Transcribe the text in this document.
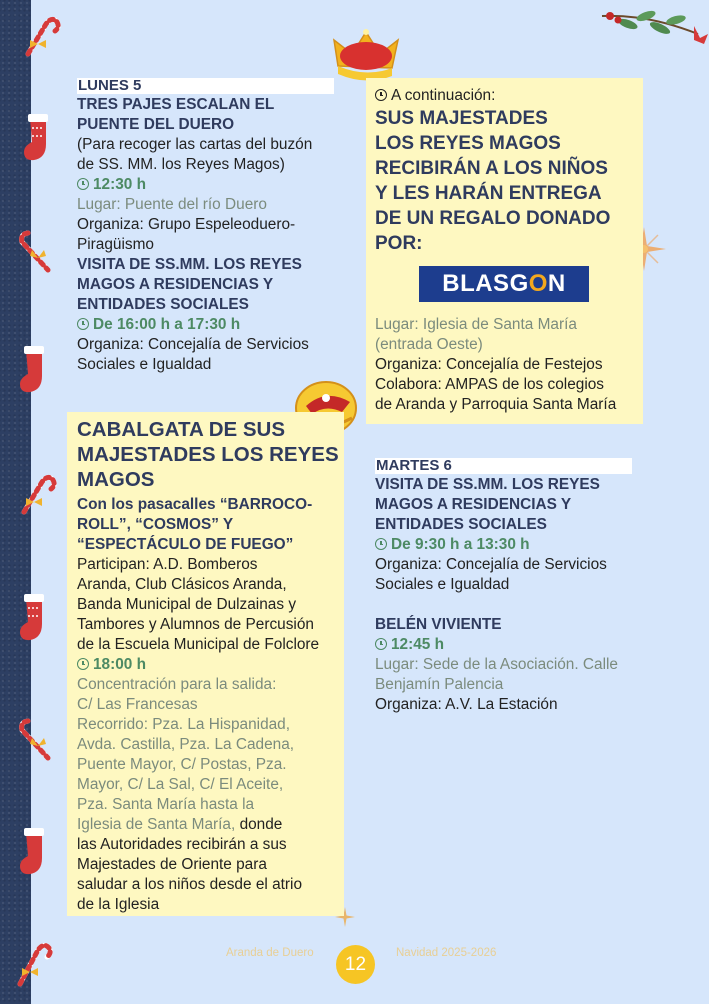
LUNES 5
TRES PAJES ESCALAN EL
PUENTE DEL DUERO
(Para recoger las cartas del buzón
de SS. MM. los Reyes Magos)
12:30 h
Lugar: Puente del río Duero
Organiza: Grupo Espeleoduero-
Piragüismo
VISITA DE SS.MM. LOS REYES
MAGOS A RESIDENCIAS Y
ENTIDADES SOCIALES
De 16:00 h a 17:30 h
Organiza: Concejalía de Servicios
Sociales e Igualdad
CABALGATA DE SUS
MAJESTADES LOS REYES
MAGOS
Con los pasacalles “BARROCO-
ROLL”, “COSMOS” Y
“ESPECTÁCULO DE FUEGO”
Participan: A.D. Bomberos
Aranda, Club Clásicos Aranda,
Banda Municipal de Dulzainas y
Tambores y Alumnos de Percusión
de la Escuela Municipal de Folclore
18:00 h
Concentración para la salida:
C/ Las Francesas
Recorrido: Pza. La Hispanidad,
Avda. Castilla, Pza. La Cadena,
Puente Mayor, C/ Postas, Pza.
Mayor, C/ La Sal, C/ El Aceite,
Pza. Santa María hasta la
Iglesia de Santa María, donde
las Autoridades recibirán a sus
Majestades de Oriente para
saludar a los niños desde el atrio
de la Iglesia
A continuación:
SUS MAJESTADES
LOS REYES MAGOS
RECIBIRÁN A LOS NIÑOS
Y LES HARÁN ENTREGA
DE UN REGALO DONADO
POR:
BLASGON
Lugar: Iglesia de Santa María
(entrada Oeste)
Organiza: Concejalía de Festejos
Colabora: AMPAS de los colegios
de Aranda y Parroquia Santa María
MARTES 6
VISITA DE SS.MM. LOS REYES
MAGOS A RESIDENCIAS Y
ENTIDADES SOCIALES
De 9:30 h a 13:30 h
Organiza: Concejalía de Servicios
Sociales e Igualdad
BELÉN VIVIENTE
12:45 h
Lugar: Sede de la Asociación. Calle
Benjamín Palencia
Organiza: A.V. La Estación
Aranda de Duero
12
Navidad 2025-2026
